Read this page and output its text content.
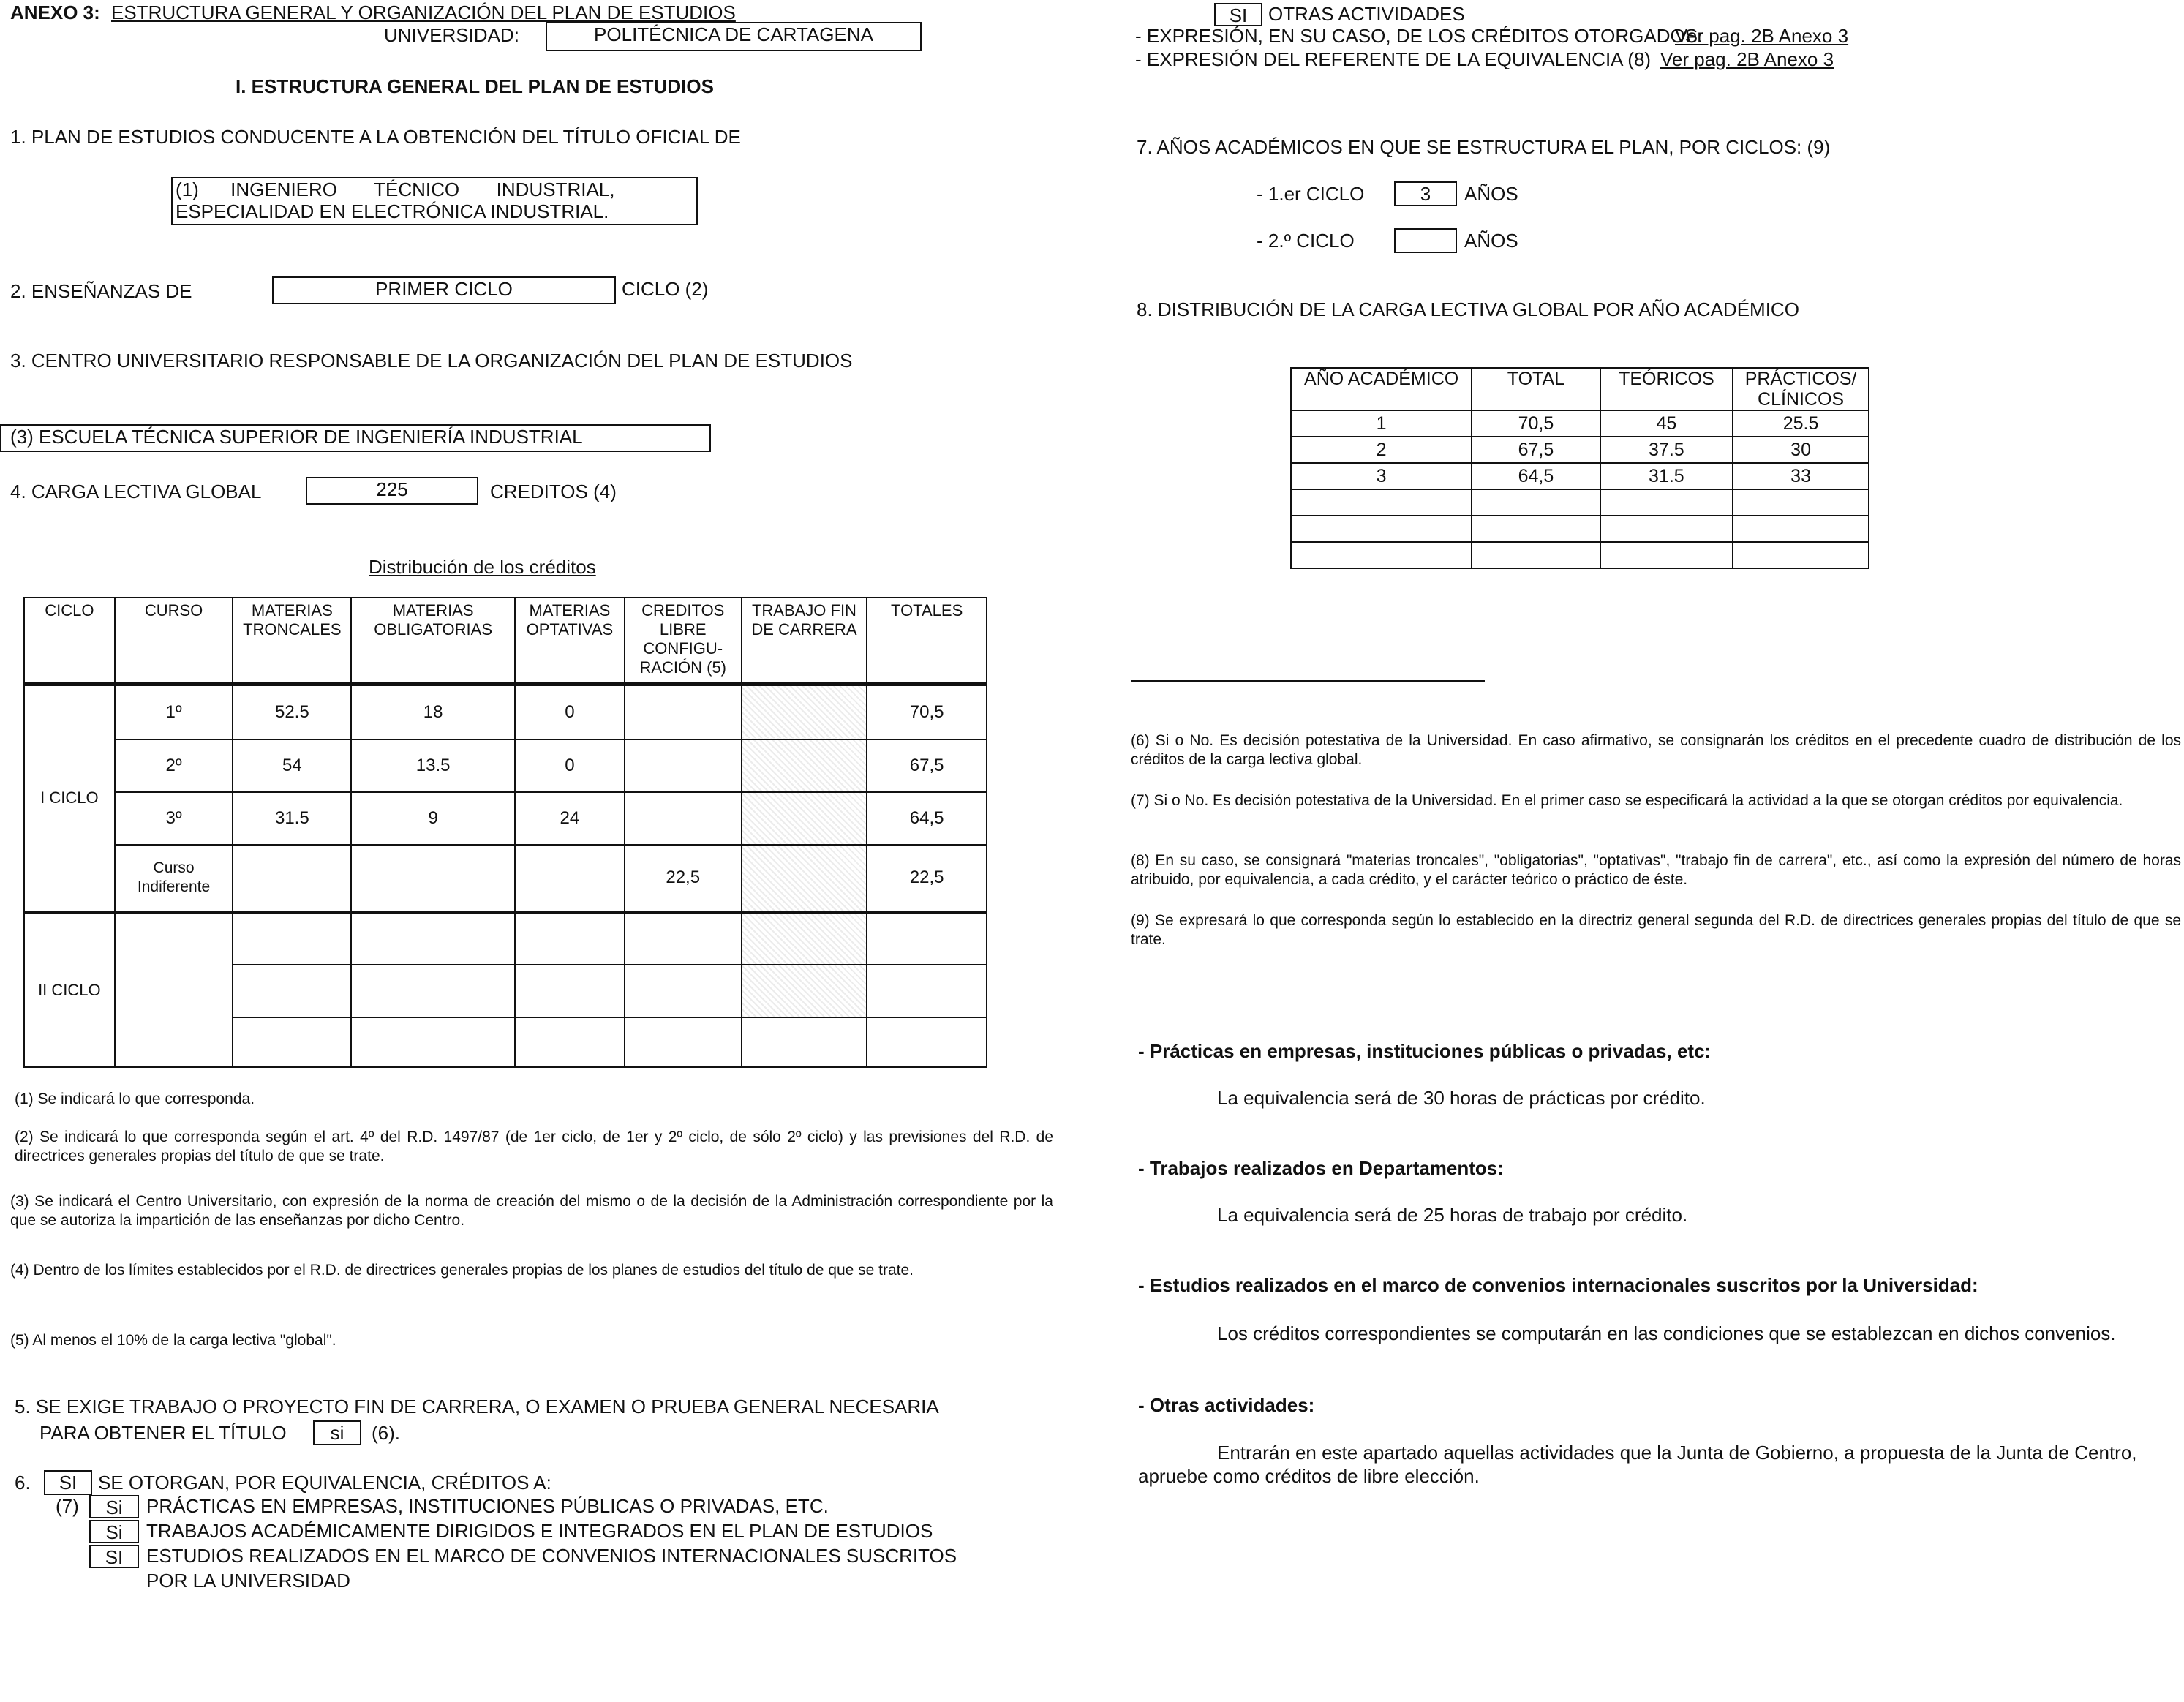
ANEXO 3: ESTRUCTURA GENERAL Y ORGANIZACIÓN DEL PLAN DE ESTUDIOS
UNIVERSIDAD:	POLITÉCNICA DE CARTAGENA
I. ESTRUCTURA GENERAL DEL PLAN DE ESTUDIOS
1. PLAN DE ESTUDIOS CONDUCENTE A LA OBTENCIÓN DEL TÍTULO OFICIAL DE
(1)      INGENIERO       TÉCNICO       INDUSTRIAL,
ESPECIALIDAD EN ELECTRÓNICA INDUSTRIAL.
2. ENSEÑANZAS DE	PRIMER CICLO	CICLO (2)
3. CENTRO UNIVERSITARIO RESPONSABLE DE LA ORGANIZACIÓN DEL PLAN DE ESTUDIOS
(3) ESCUELA TÉCNICA SUPERIOR DE INGENIERÍA INDUSTRIAL
4. CARGA LECTIVA GLOBAL	225	CREDITOS (4)
Distribución de los créditos
CICLO	CURSO	MATERIAS TRONCALES	MATERIAS OBLIGATORIAS	MATERIAS OPTATIVAS	CREDITOS LIBRE CONFIGU- RACIÓN (5)	TRABAJO FIN DE CARRERA	TOTALES
I CICLO	1º	52.5	18	0			70,5
	2º	54	13.5	0			67,5
	3º	31.5	9	24			64,5
	Curso Indiferente				22,5		22,5
II CICLO							

(1) Se indicará lo que corresponda.
(2) Se indicará lo que corresponda según el art. 4º del R.D. 1497/87 (de 1er ciclo, de 1er y 2º ciclo, de sólo 2º ciclo) y las previsiones del R.D. de directrices generales propias del título de que se trate.
(3) Se indicará el Centro Universitario, con expresión de la norma de creación del mismo o de la decisión de la Administración correspondiente por la que se autoriza la impartición de las enseñanzas por dicho Centro.
(4) Dentro de los límites establecidos por el R.D. de directrices generales propias de los planes de estudios del título de que se trate.
(5) Al menos el 10% de la carga lectiva "global".
5. SE EXIGE TRABAJO O PROYECTO FIN DE CARRERA, O EXAMEN O PRUEBA GENERAL NECESARIA
PARA OBTENER EL TÍTULO	si	(6).
6.	SI	SE OTORGAN, POR EQUIVALENCIA, CRÉDITOS A:
(7)	Si	PRÁCTICAS EN EMPRESAS, INSTITUCIONES PÚBLICAS O PRIVADAS, ETC.
Si	TRABAJOS ACADÉMICAMENTE DIRIGIDOS E INTEGRADOS EN EL PLAN DE ESTUDIOS
SI	ESTUDIOS REALIZADOS EN EL MARCO DE CONVENIOS INTERNACIONALES SUSCRITOS
POR LA UNIVERSIDAD
SI	OTRAS ACTIVIDADES
- EXPRESIÓN, EN SU CASO, DE LOS CRÉDITOS OTORGADOS:
Ver pag. 2B Anexo 3
- EXPRESIÓN DEL REFERENTE DE LA EQUIVALENCIA (8) Ver pag. 2B Anexo 3
7. AÑOS ACADÉMICOS EN QUE SE ESTRUCTURA EL PLAN, POR CICLOS: (9)
- 1.er CICLO	3	AÑOS
- 2.º CICLO	AÑOS
8. DISTRIBUCIÓN DE LA CARGA LECTIVA GLOBAL POR AÑO ACADÉMICO
AÑO ACADÉMICO	TOTAL	TEÓRICOS	PRÁCTICOS/ CLÍNICOS
1	70,5	45	25.5
2	67,5	37.5	30
3	64,5	31.5	33

(6) Si o No. Es decisión potestativa de la Universidad. En caso afirmativo, se consignarán los créditos en el precedente cuadro de distribución de los créditos de la carga lectiva global.
(7) Si o No. Es decisión potestativa de la Universidad. En el primer caso se especificará la actividad a la que se otorgan créditos por equivalencia.
(8) En su caso, se consignará "materias troncales", "obligatorias", "optativas", "trabajo fin de carrera", etc., así como la expresión del número de horas atribuido, por equivalencia, a cada crédito, y el carácter teórico o práctico de éste.
(9) Se expresará lo que corresponda según lo establecido en la directriz general segunda del R.D. de directrices generales propias del título de que se trate.
- Prácticas en empresas, instituciones públicas o privadas, etc:
La equivalencia será de 30 horas de prácticas por crédito.
- Trabajos realizados en Departamentos:
La equivalencia será de 25 horas de trabajo por crédito.
- Estudios realizados en el marco de convenios internacionales suscritos por la Universidad:
Los créditos correspondientes se computarán en las condiciones que se establezcan en dichos convenios.
- Otras actividades:
Entrarán en este apartado aquellas actividades que la Junta de Gobierno, a propuesta de la Junta de Centro, apruebe como créditos de libre elección.
